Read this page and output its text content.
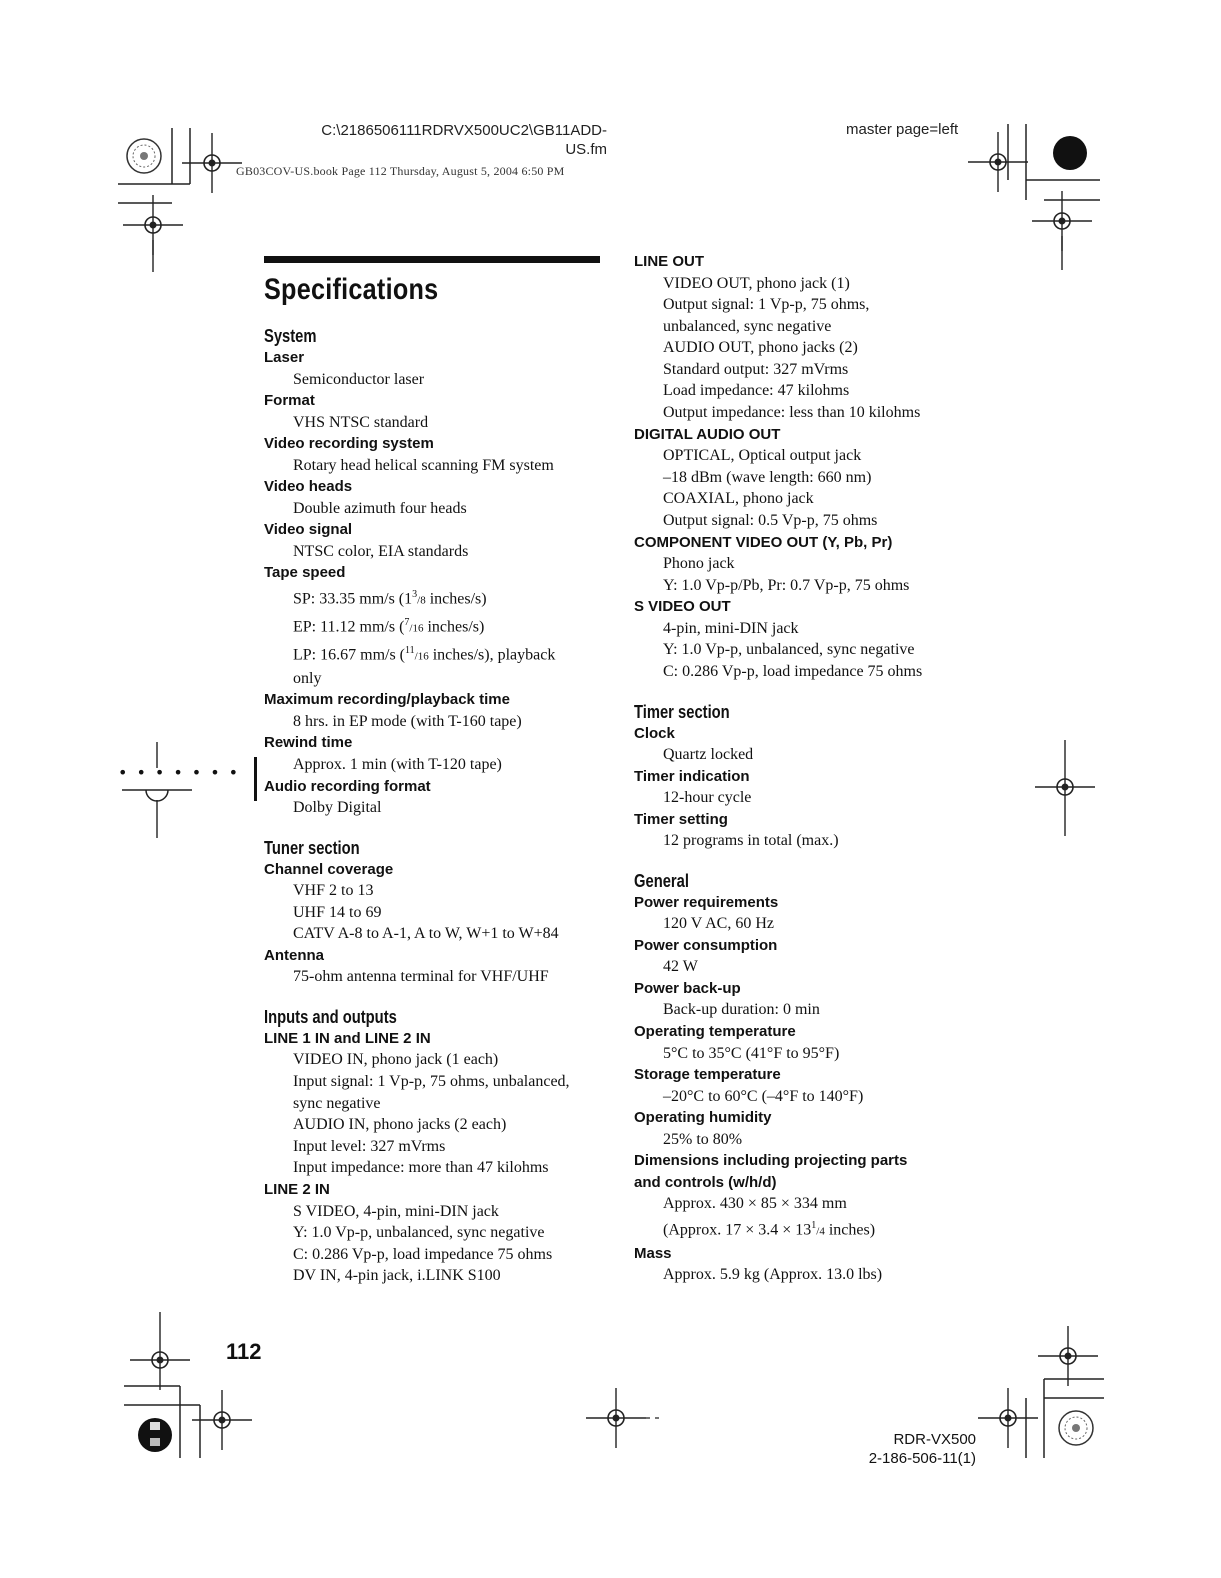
C:\2186506111RDRVX500UC2\GB11ADD-
US.fm
GB03COV-US.book Page 112 Thursday, August 5, 2004 6:50 PM
master page=left
•••••••
Specifications
System
Laser
Semiconductor laser
Format
VHS NTSC standard
Video recording system
Rotary head helical scanning FM system
Video heads
Double azimuth four heads
Video signal
NTSC color, EIA standards
Tape speed
SP: 33.35 mm/s ($1^3/8$ inches/s)
EP: 11.12 mm/s ($^7$/16 inches/s)
LP: 16.67 mm/s ($^{11}$/16 inches/s), playback
only
Maximum recording/playback time
8 hrs. in EP mode (with T-160 tape)
Rewind time
Approx. 1 min (with T-120 tape)
Audio recording format
Dolby Digital
Tuner section
Channel coverage
VHF 2 to 13
UHF 14 to 69
CATV A-8 to A-1, A to W, W+1 to W+84
Antenna
75-ohm antenna terminal for VHF/UHF
Inputs and outputs
LINE 1 IN and LINE 2 IN
VIDEO IN, phono jack (1 each)
Input signal: 1 Vp-p, 75 ohms, unbalanced,
sync negative
AUDIO IN, phono jacks (2 each)
Input level: 327 mVrms
Input impedance: more than 47 kilohms
LINE 2 IN
S VIDEO, 4-pin, mini-DIN jack
Y: 1.0 Vp-p, unbalanced, sync negative
C: 0.286 Vp-p, load impedance 75 ohms
DV IN, 4-pin jack, i.LINK S100
LINE OUT
VIDEO OUT, phono jack (1)
Output signal: 1 Vp-p, 75 ohms,
unbalanced, sync negative
AUDIO OUT, phono jacks (2)
Standard output: 327 mVrms
Load impedance: 47 kilohms
Output impedance: less than 10 kilohms
DIGITAL AUDIO OUT
OPTICAL, Optical output jack
–18 dBm (wave length: 660 nm)
COAXIAL, phono jack
Output signal: 0.5 Vp-p, 75 ohms
COMPONENT VIDEO OUT (Y, Pb, Pr)
Phono jack
Y: 1.0 Vp-p/Pb, Pr: 0.7 Vp-p, 75 ohms
S VIDEO OUT
4-pin, mini-DIN jack
Y: 1.0 Vp-p, unbalanced, sync negative
C: 0.286 Vp-p, load impedance 75 ohms
Timer section
Clock
Quartz locked
Timer indication
12-hour cycle
Timer setting
12 programs in total (max.)
General
Power requirements
120 V AC, 60 Hz
Power consumption
42 W
Power back-up
Back-up duration: 0 min
Operating temperature
5°C to 35°C (41°F to 95°F)
Storage temperature
–20°C to 60°C (–4°F to 140°F)
Operating humidity
25% to 80%
Dimensions including projecting parts
and controls (w/h/d)
Approx. 430 × 85 × 334 mm
(Approx. $17 \times 3.4 \times 13^1/4$ inches)
Mass
Approx. 5.9 kg (Approx. 13.0 lbs)
112
RDR-VX500
2-186-506-11(1)
